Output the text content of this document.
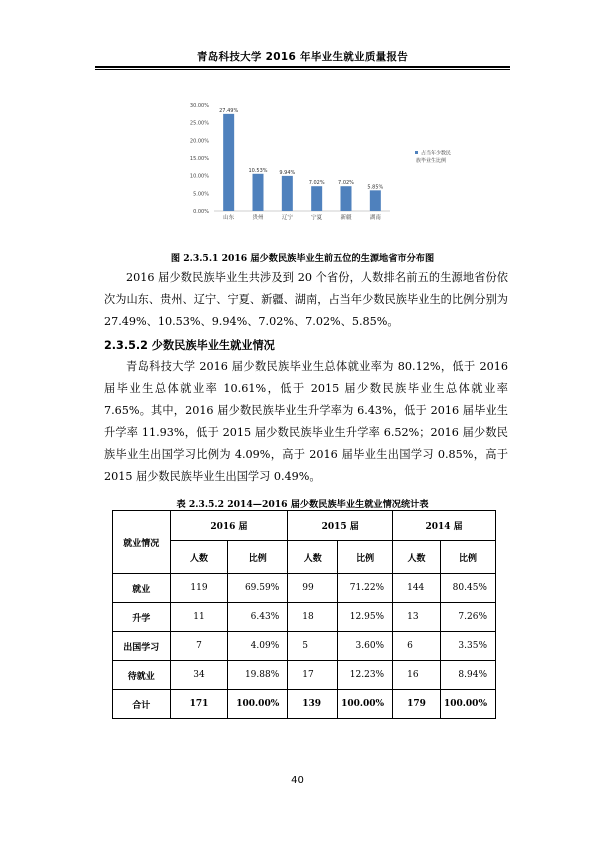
青岛科技大学 2016 年毕业生就业质量报告
0.00%
5.00%
10.00%
15.00%
20.00%
25.00%
30.00%
27.49%
山东
10.53%
贵州
9.94%
辽宁
7.02%
宁夏
7.02%
新疆
5.85%
湖南
占当年少数民
族毕业生比例
图 2.3.5.1 2016 届少数民族毕业生前五位的生源地省市分布图

2016 届少数民族毕业生共涉及到 20 个省份，人数排名前五的生源地省份依次为山东、贵州、辽宁、宁夏、新疆、湖南，占当年少数民族毕业生的比例分别为 27.49%、10.53%、9.94%、7.02%、7.02%、5.85%。

2.3.5.2 少数民族毕业生就业情况

青岛科技大学 2016 届少数民族毕业生总体就业率为 80.12%，低于 2016 届毕业生总体就业率 10.61%，低于 2015 届少数民族毕业生总体就业率 7.65%。其中，2016 届少数民族毕业生升学率为 6.43%，低于 2016 届毕业生升学率 11.93%，低于 2015 届少数民族毕业生升学率 6.52%；2016 届少数民族毕业生出国学习比例为 4.09%，高于 2016 届毕业生出国学习 0.85%，高于 2015 届少数民族毕业生出国学习 0.49%。

表 2.3.5.2 2014—2016 届少数民族毕业生就业情况统计表
就业情况	2016 届		2015 届		2014 届	
	人数	比例	人数	比例	人数	比例
就业	119	69.59%	99	71.22%	144	80.45%
升学	11	6.43%	18	12.95%	13	7.26%
出国学习	7	4.09%	5	3.60%	6	3.35%
待就业	34	19.88%	17	12.23%	16	8.94%
合计	171	100.00%	139	100.00%	179	100.00%
40
